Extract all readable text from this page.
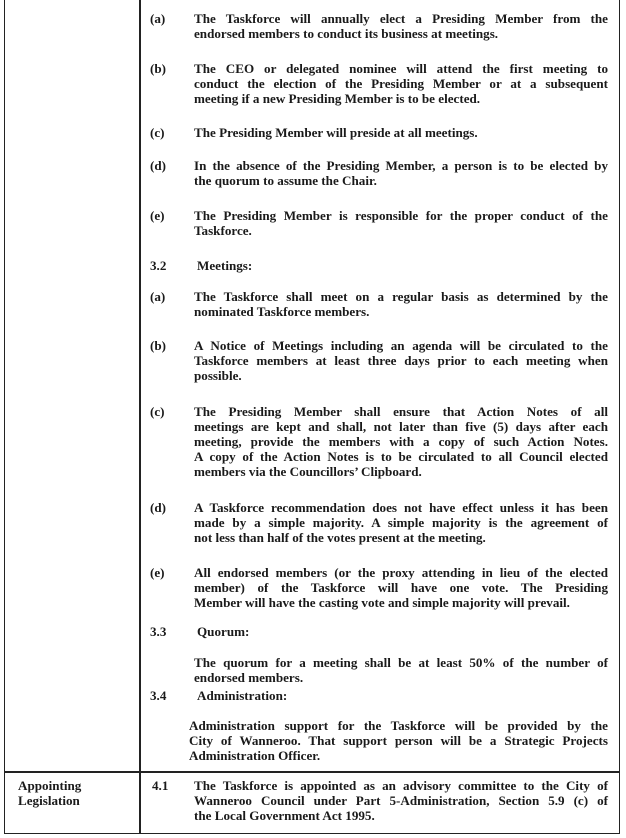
(a) The Taskforce will annually elect a Presiding Member from the
endorsed members to conduct its business at meetings.
(b) The CEO or delegated nominee will attend the first meeting to
conduct the election of the Presiding Member or at a subsequent
meeting if a new Presiding Member is to be elected.
(c) The Presiding Member will preside at all meetings.
(d) In the absence of the Presiding Member, a person is to be elected by
the quorum to assume the Chair.
(e) The Presiding Member is responsible for the proper conduct of the
Taskforce.
3.2 Meetings:
(a) The Taskforce shall meet on a regular basis as determined by the
nominated Taskforce members.
(b) A Notice of Meetings including an agenda will be circulated to the
Taskforce members at least three days prior to each meeting when
possible.
(c) The Presiding Member shall ensure that Action Notes of all
meetings are kept and shall, not later than five (5) days after each
meeting, provide the members with a copy of such Action Notes.
A copy of the Action Notes is to be circulated to all Council elected
members via the Councillors’ Clipboard.
(d) A Taskforce recommendation does not have effect unless it has been
made by a simple majority. A simple majority is the agreement of
not less than half of the votes present at the meeting.
(e) All endorsed members (or the proxy attending in lieu of the elected
member) of the Taskforce will have one vote. The Presiding
Member will have the casting vote and simple majority will prevail.
3.3 Quorum:
The quorum for a meeting shall be at least 50% of the number of
endorsed members.
3.4 Administration:
Administration support for the Taskforce will be provided by the
City of Wanneroo. That support person will be a Strategic Projects
Administration Officer.
Appointing
Legislation
4.1 The Taskforce is appointed as an advisory committee to the City of
Wanneroo Council under Part 5-Administration, Section 5.9 (c) of
the Local Government Act 1995.
